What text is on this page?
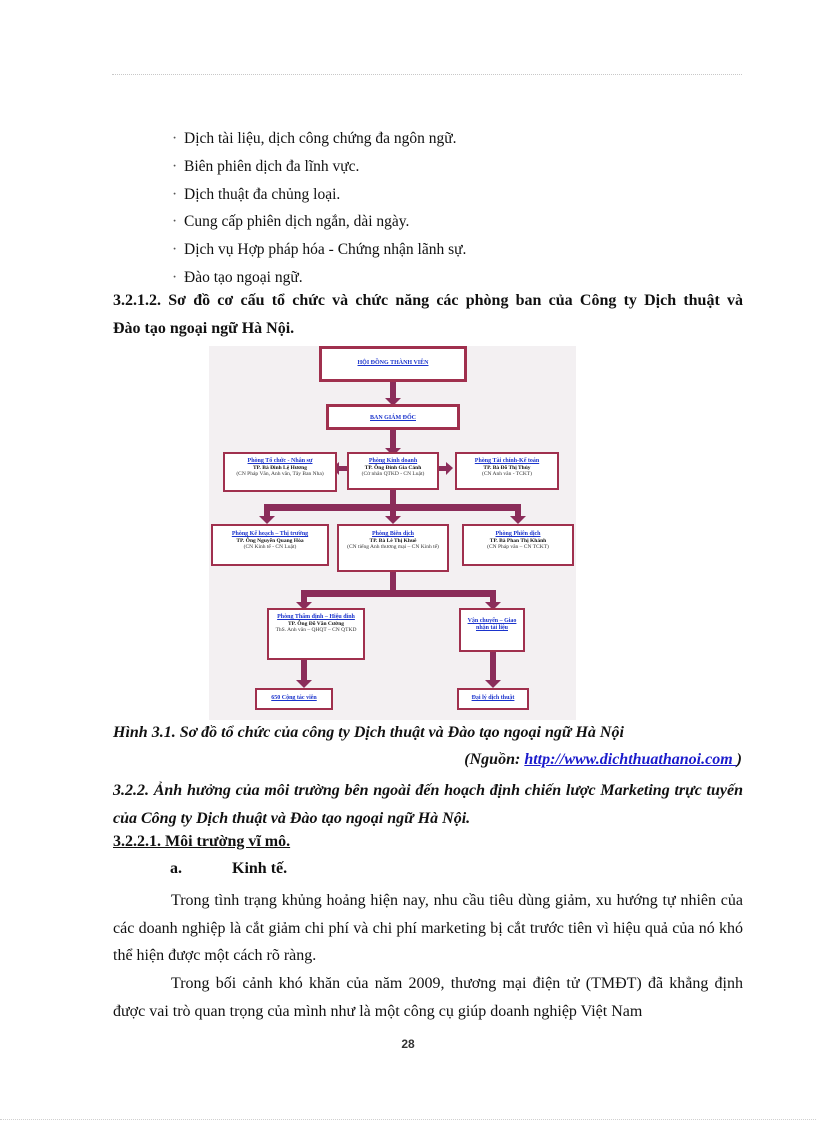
· Dịch tài liệu, dịch công chứng đa ngôn ngữ.
· Biên phiên dịch đa lĩnh vực.
· Dịch thuật đa chủng loại.
· Cung cấp phiên dịch ngắn, dài ngày.
· Dịch vụ Hợp pháp hóa - Chứng nhận lãnh sự.
· Đào tạo ngoại ngữ.
3.2.1.2. Sơ đồ cơ cấu tổ chức và chức năng các phòng ban của Công ty Dịch thuật và
Đào tạo ngoại ngữ Hà Nội.
HỘI ĐỒNG THÀNH VIÊN
BAN GIÁM ĐỐC
Phòng Tổ chức - Nhân sự
TP. Bà Đinh Lệ Hương
(CN Pháp Văn, Anh văn, Tây Ban Nha)
Phòng Kinh doanh
TP. Ông Đinh Gia Cảnh
(Cử nhân QTKD - CN Luật)
Phòng Tài chính-Kế toán
TP. Bà Đỗ Thị Thủy
(CN Anh văn - TCKT)
Phòng Kế hoạch – Thị trường
TP. Ông Nguyễn Quang Hòa
(CN Kinh tế - CN Luật)
Phòng Biên dịch
TP. Bà Lê Thị Khuê
(CN tiếng Anh thương mại – CN Kinh tế)
Phòng Phiên dịch
TP. Bà Phan Thị Khánh
(CN Pháp văn – CN TCKT)
Phòng Thẩm định – Hiệu đính
TP. Ông Đỗ Văn Cường
ThS. Anh văn – QHQT – CN QTKD
Vận chuyển – Giao nhận tài liệu
650 Cộng tác viên	Đại lý dịch thuật
Hình 3.1. Sơ đồ tổ chức của công ty Dịch thuật và Đào tạo ngoại ngữ Hà Nội
(Nguồn: http://www.dichthuathanoi.com )
3.2.2. Ảnh hưởng của môi trường bên ngoài đến hoạch định chiến lược Marketing trực tuyến của Công ty Dịch thuật và Đào tạo ngoại ngữ Hà Nội.
3.2.2.1. Môi trường vĩ mô.
a.	Kinh tế.
Trong tình trạng khủng hoảng hiện nay, nhu cầu tiêu dùng giảm, xu hướng tự nhiên của các doanh nghiệp là cắt giảm chi phí và chi phí marketing bị cắt trước tiên vì hiệu quả của nó khó thể hiện được một cách rõ ràng.
Trong bối cảnh khó khăn của năm 2009, thương mại điện tử (TMĐT) đã khẳng định được vai trò quan trọng của mình như là một công cụ giúp doanh nghiệp Việt Nam
28
